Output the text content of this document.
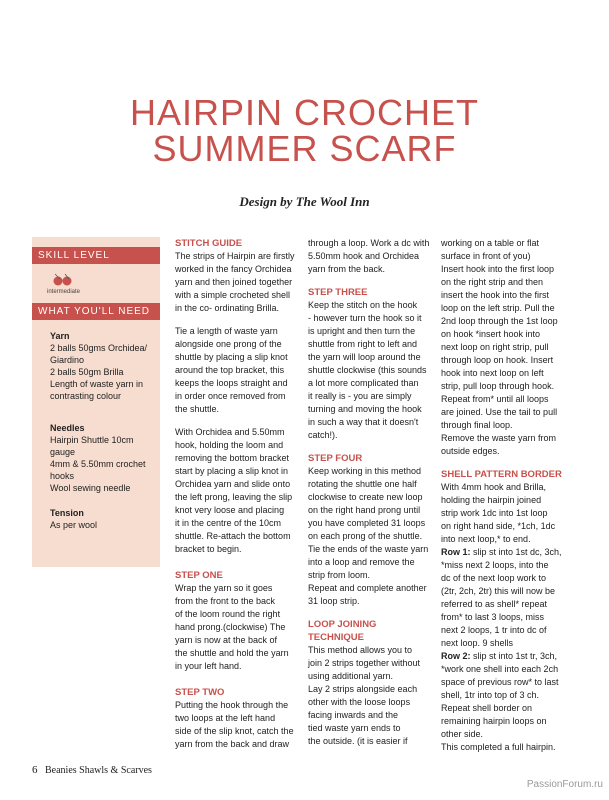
HAIRPIN CROCHET
SUMMER SCARF
Design by The Wool Inn
SKILL LEVEL
intermediate
WHAT YOU'LL NEED
Yarn
2 balls 50gms Orchidea/
Giardino
2 balls 50gm Brilla
Length of waste yarn in
contrasting colour
Needles
Hairpin Shuttle 10cm
gauge
4mm & 5.50mm crochet
hooks
Wool sewing needle
Tension
As per wool
STITCH GUIDE
The strips of Hairpin are firstly
worked in the fancy Orchidea
yarn and then joined together
with a simple crocheted shell
in the co- ordinating Brilla.
Tie a length of waste yarn
alongside one prong of the
shuttle by placing a slip knot
around the top bracket, this
keeps the loops straight and
in order once removed from
the shuttle.
With Orchidea and 5.50mm
hook, holding the loom and
removing the bottom bracket
start by placing a slip knot in
Orchidea yarn and slide onto
the left prong, leaving the slip
knot very loose and placing
it in the centre of the 10cm
shuttle. Re-attach the bottom
bracket to begin.
STEP ONE
Wrap the yarn so it goes
from the front to the back
of the loom round the right
hand prong.(clockwise) The
yarn is now at the back of
the shuttle and hold the yarn
in your left hand.
STEP TWO
Putting the hook through the
two loops at the left hand
side of the slip knot, catch the
yarn from the back and draw
through a loop. Work a dc with
5.50mm hook and Orchidea
yarn from the back.
STEP THREE
Keep the stitch on the hook
- however turn the hook so it
is upright and then turn the
shuttle from right to left and
the yarn will loop around the
shuttle clockwise (this sounds
a lot more complicated than
it really is - you are simply
turning and moving the hook
in such a way that it doesn't
catch!).
STEP FOUR
Keep working in this method
rotating the shuttle one half
clockwise to create new loop
on the right hand prong until
you have completed 31 loops
on each prong of the shuttle.
Tie the ends of the waste yarn
into a loop and remove the
strip from loom.
Repeat and complete another
31 loop strip.
LOOP JOINING
TECHNIQUE
This method allows you to
join 2 strips together without
using additional yarn.
Lay 2 strips alongside each
other with the loose loops
facing inwards and the
tied waste yarn ends to
the outside. (it is easier if
working on a table or flat
surface in front of you)
Insert hook into the first loop
on the right strip and then
insert the hook into the first
loop on the left strip. Pull the
2nd loop through the 1st loop
on hook *insert hook into
next loop on right strip, pull
through loop on hook. Insert
hook into next loop on left
strip, pull loop through hook.
Repeat from* until all loops
are joined. Use the tail to pull
through final loop.
Remove the waste yarn from
outside edges.
SHELL PATTERN BORDER
With 4mm hook and Brilla,
holding the hairpin joined
strip work 1dc into 1st loop
on right hand side, *1ch, 1dc
into next loop,* to end.
Row 1: slip st into 1st dc, 3ch,
*miss next 2 loops, into the
dc of the next loop work to
(2tr, 2ch, 2tr) this will now be
referred to as shell* repeat
from* to last 3 loops, miss
next 2 loops, 1 tr into dc of
next loop. 9 shells
Row 2: slip st into 1st tr, 3ch,
*work one shell into each 2ch
space of previous row* to last
shell, 1tr into top of 3 ch.
Repeat shell border on
remaining hairpin loops on
other side.
This completed a full hairpin.
6 Beanies Shawls & Scarves
PassionForum.ru
